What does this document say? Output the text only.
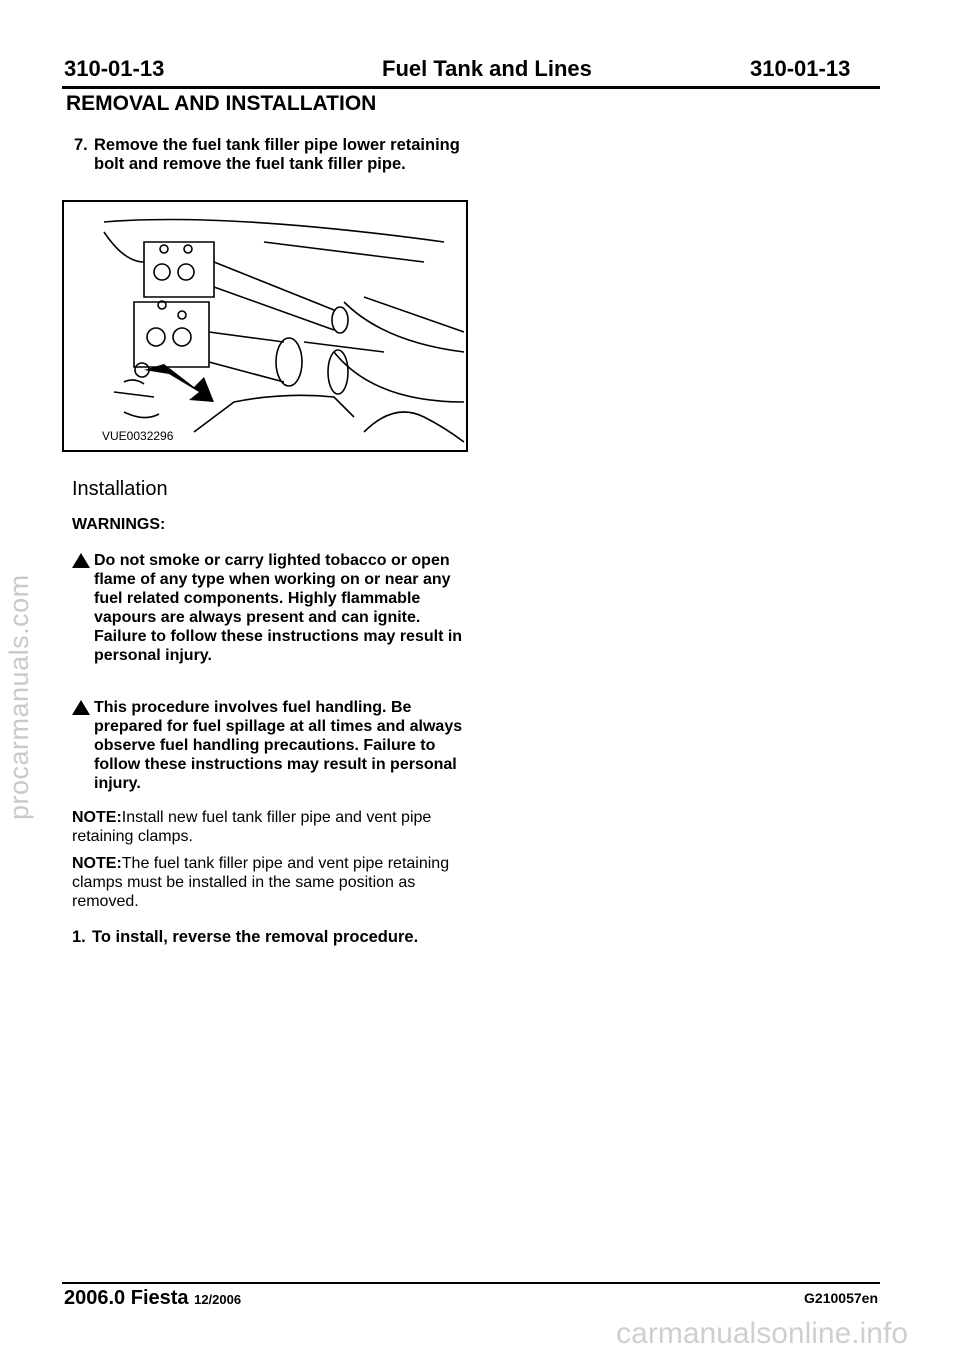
310-01-13	Fuel Tank and Lines	310-01-13
REMOVAL AND INSTALLATION
7. Remove the fuel tank filler pipe lower retaining bolt and remove the fuel tank filler pipe.
VUE0032296
Installation
WARNINGS:
Do not smoke or carry lighted tobacco or open flame of any type when working on or near any fuel related components. Highly flammable vapours are always present and can ignite. Failure to follow these instructions may result in personal injury.
This procedure involves fuel handling. Be prepared for fuel spillage at all times and always observe fuel handling precautions. Failure to follow these instructions may result in personal injury.
NOTE:Install new fuel tank filler pipe and vent pipe retaining clamps.
NOTE:The fuel tank filler pipe and vent pipe retaining clamps must be installed in the same position as removed.
1. To install, reverse the removal procedure.
procarmanuals.com
2006.0 Fiesta 12/2006	G210057en
carmanualsonline.info
